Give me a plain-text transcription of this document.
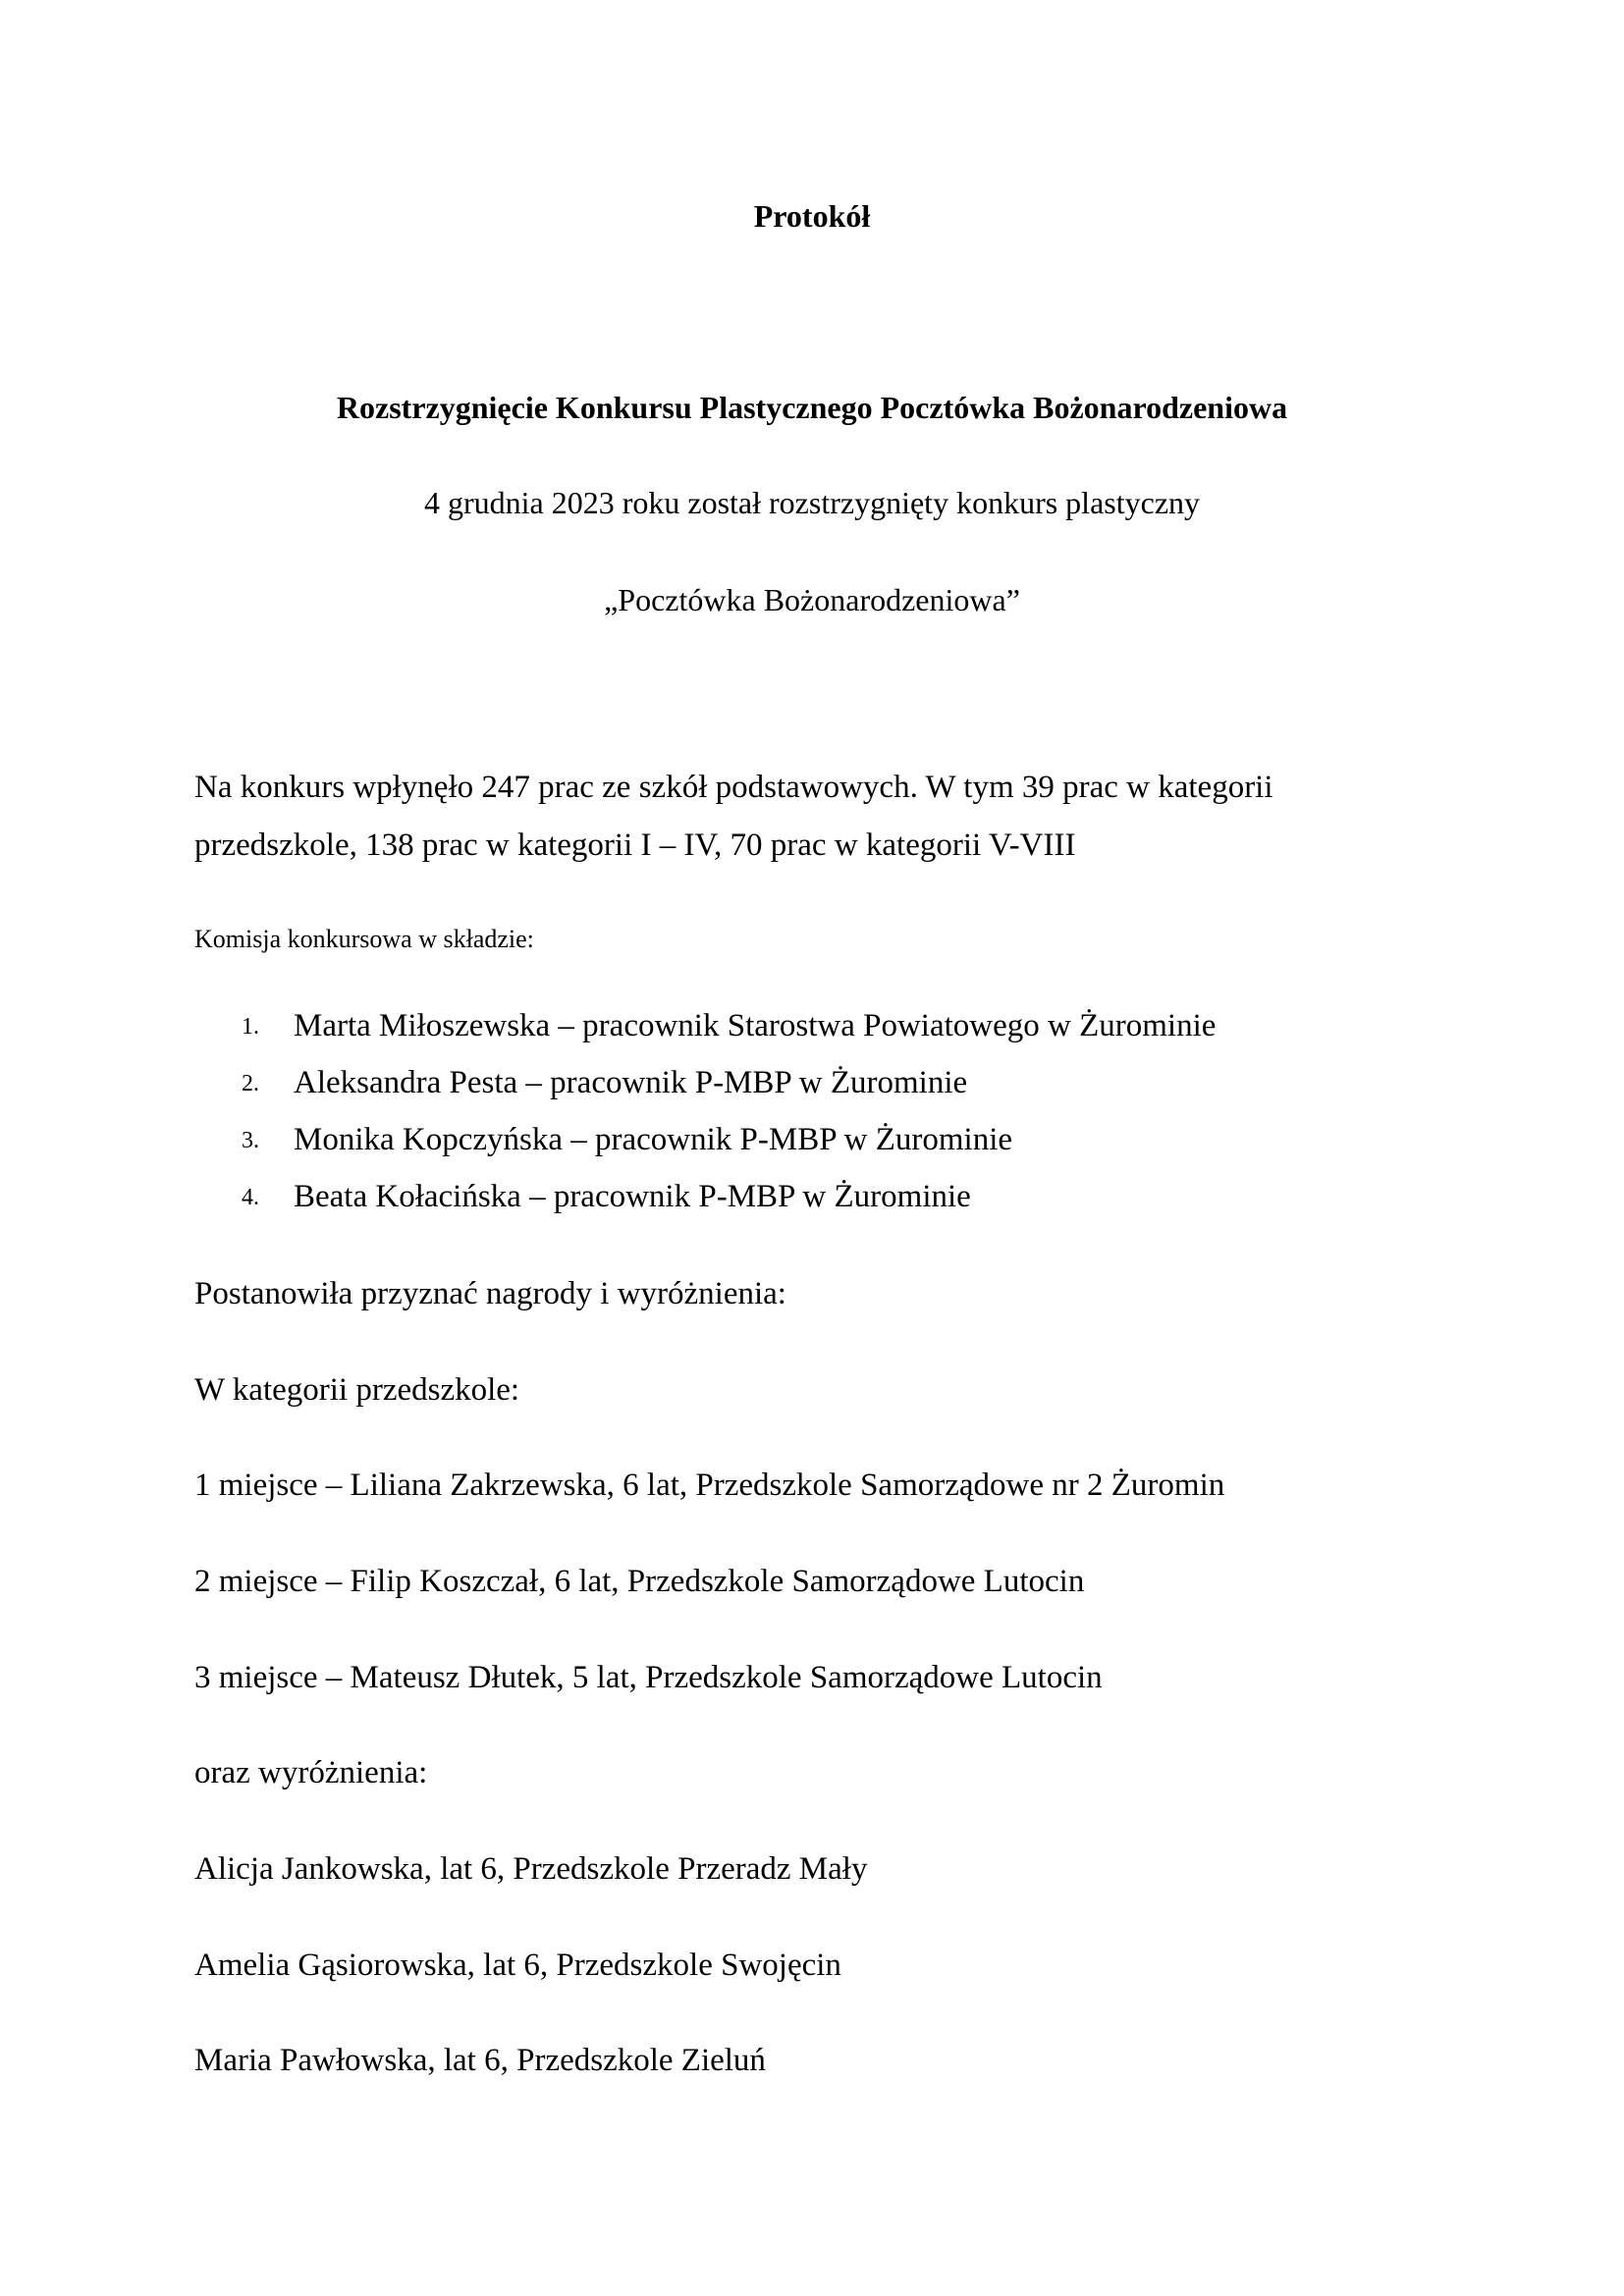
Protokół
Rozstrzygnięcie Konkursu Plastycznego Pocztówka Bożonarodzeniowa
4 grudnia 2023 roku został rozstrzygnięty konkurs plastyczny
„Pocztówka Bożonarodzeniowa”
Na konkurs wpłynęło 247 prac ze szkół podstawowych. W tym 39 prac w kategorii
przedszkole, 138 prac w kategorii I – IV, 70 prac w kategorii V-VIII
Komisja konkursowa w składzie:
1. Marta Miłoszewska – pracownik Starostwa Powiatowego w Żurominie
2. Aleksandra Pesta – pracownik P-MBP w Żurominie
3. Monika Kopczyńska – pracownik P-MBP w Żurominie
4. Beata Kołacińska – pracownik P-MBP w Żurominie
Postanowiła przyznać nagrody i wyróżnienia:
W kategorii przedszkole:
1 miejsce – Liliana Zakrzewska, 6 lat, Przedszkole Samorządowe nr 2 Żuromin
2 miejsce – Filip Koszczał, 6 lat, Przedszkole Samorządowe Lutocin
3 miejsce – Mateusz Dłutek, 5 lat, Przedszkole Samorządowe Lutocin
oraz wyróżnienia:
Alicja Jankowska, lat 6, Przedszkole Przeradz Mały
Amelia Gąsiorowska, lat 6, Przedszkole Swojęcin
Maria Pawłowska, lat 6, Przedszkole Zieluń
